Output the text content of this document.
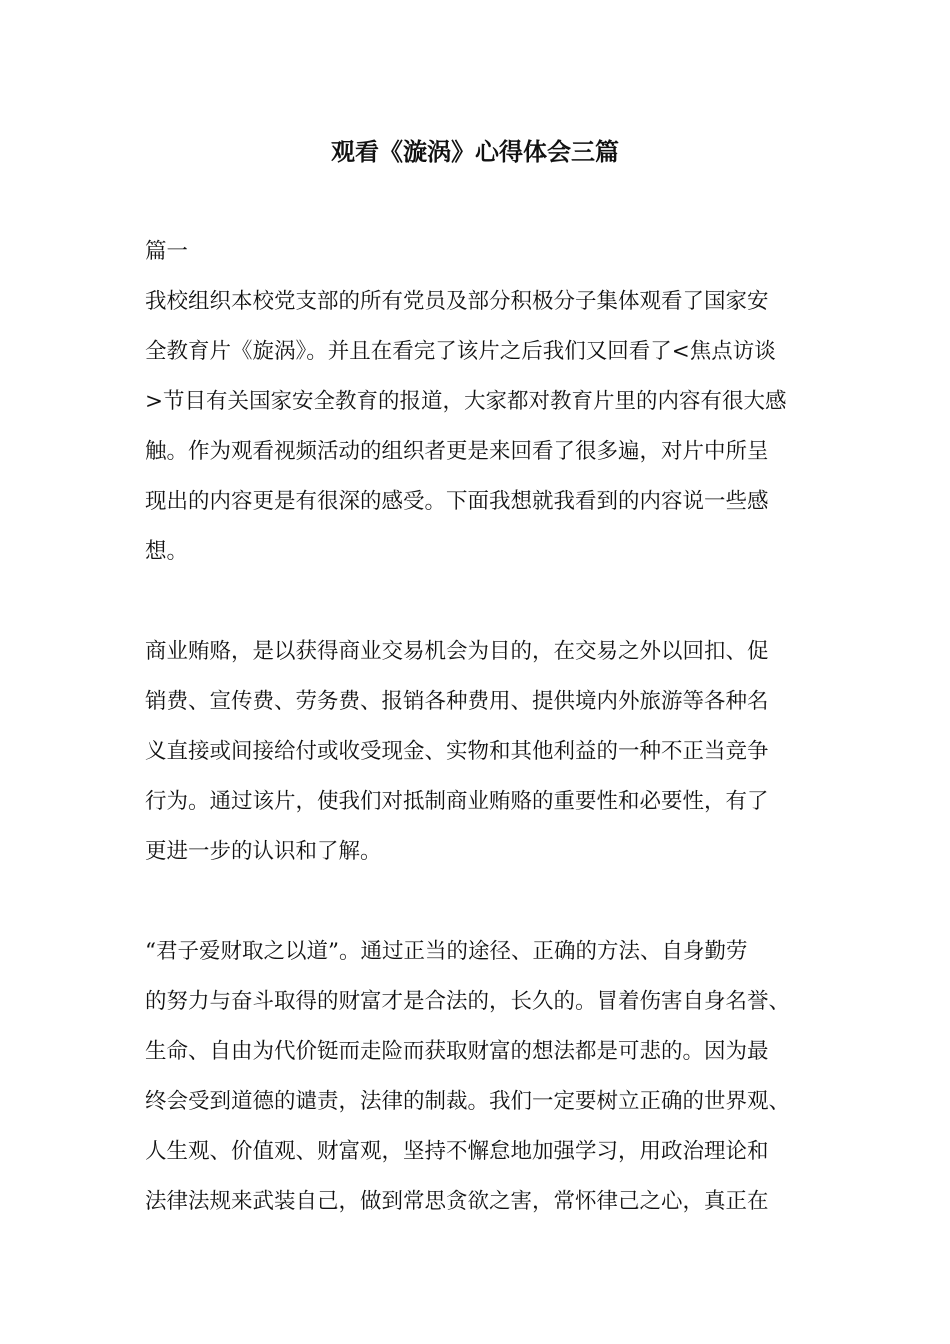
观看《漩涡》心得体会三篇
篇一
我校组织本校党支部的所有党员及部分积极分子集体观看了国家安
全教育片《旋涡》。并且在看完了该片之后我们又回看了<焦点访谈
>节目有关国家安全教育的报道，大家都对教育片里的内容有很大感
触。作为观看视频活动的组织者更是来回看了很多遍，对片中所呈
现出的内容更是有很深的感受。下面我想就我看到的内容说一些感
想。
商业贿赂，是以获得商业交易机会为目的，在交易之外以回扣、促
销费、宣传费、劳务费、报销各种费用、提供境内外旅游等各种名
义直接或间接给付或收受现金、实物和其他利益的一种不正当竞争
行为。通过该片，使我们对抵制商业贿赂的重要性和必要性，有了
更进一步的认识和了解。
“君子爱财取之以道”。通过正当的途径、正确的方法、自身勤劳
的努力与奋斗取得的财富才是合法的，长久的。冒着伤害自身名誉、
生命、自由为代价铤而走险而获取财富的想法都是可悲的。因为最
终会受到道德的谴责，法律的制裁。我们一定要树立正确的世界观、
人生观、价值观、财富观，坚持不懈怠地加强学习，用政治理论和
法律法规来武装自己，做到常思贪欲之害，常怀律己之心，真正在
